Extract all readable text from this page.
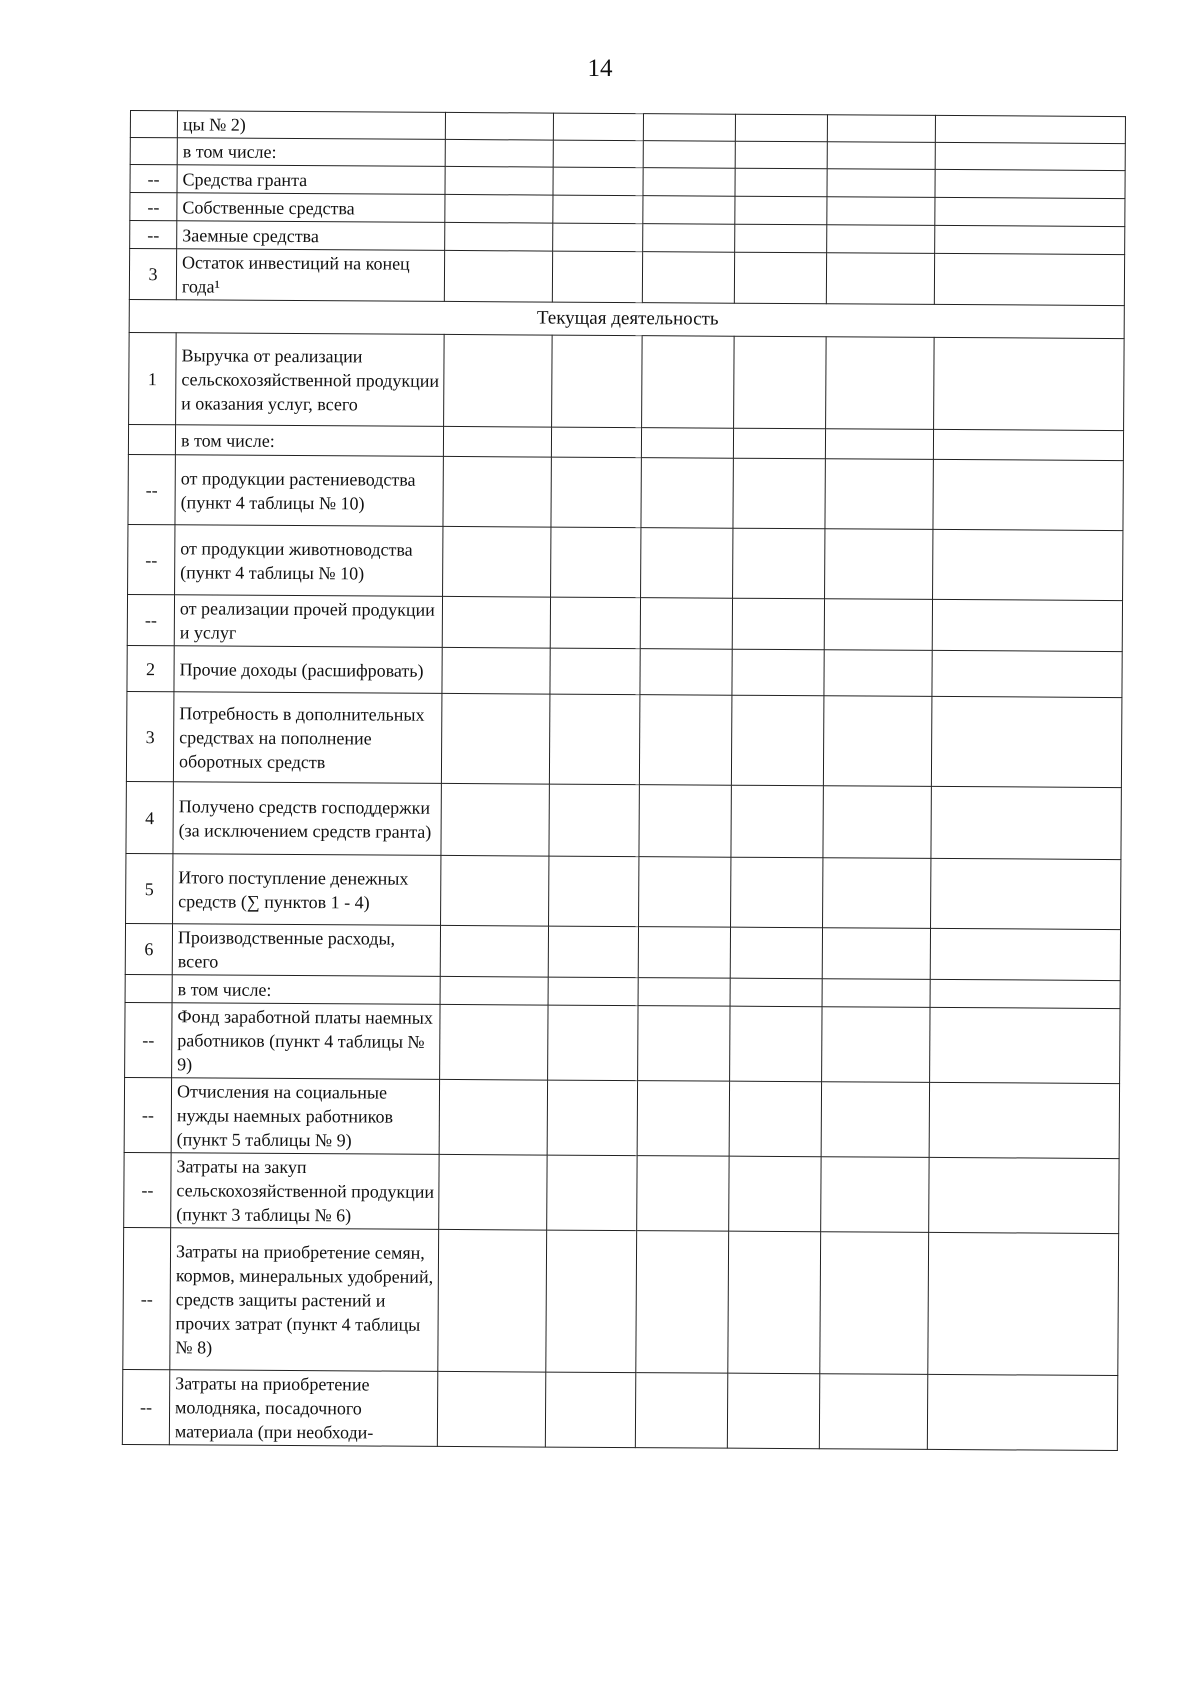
14
	цы № 2)						
	в том числе:						
--	Средства гранта						
--	Собственные средства						
--	Заемные средства						
3	Остаток инвестиций на конец года¹						
Текущая деятельность							
1	Выручка от реализации сельскохозяйственной продукции и оказания услуг, всего						
	в том числе:						
--	от продукции растениеводства (пункт 4 таблицы № 10)						
--	от продукции животноводства (пункт 4 таблицы № 10)						
--	от реализации прочей продукции и услуг						
2	Прочие доходы (расшифровать)						
3	Потребность в дополнительных средствах на пополнение оборотных средств						
4	Получено средств господдержки (за исключением средств гранта)						
5	Итого поступление денежных средств (∑ пунктов 1 - 4)						
6	Производственные расходы, всего						
	в том числе:						
--	Фонд заработной платы наемных работников (пункт 4 таблицы № 9)						
--	Отчисления на социальные нужды наемных работников (пункт 5 таблицы № 9)						
--	Затраты на закуп сельскохозяйственной продукции (пункт 3 таблицы № 6)						
--	Затраты на приобретение семян, кормов, минеральных удобрений, средств защиты растений и прочих затрат (пункт 4 таблицы № 8)						
--	Затраты на приобретение молодняка, посадочного материала (при необходи-						
